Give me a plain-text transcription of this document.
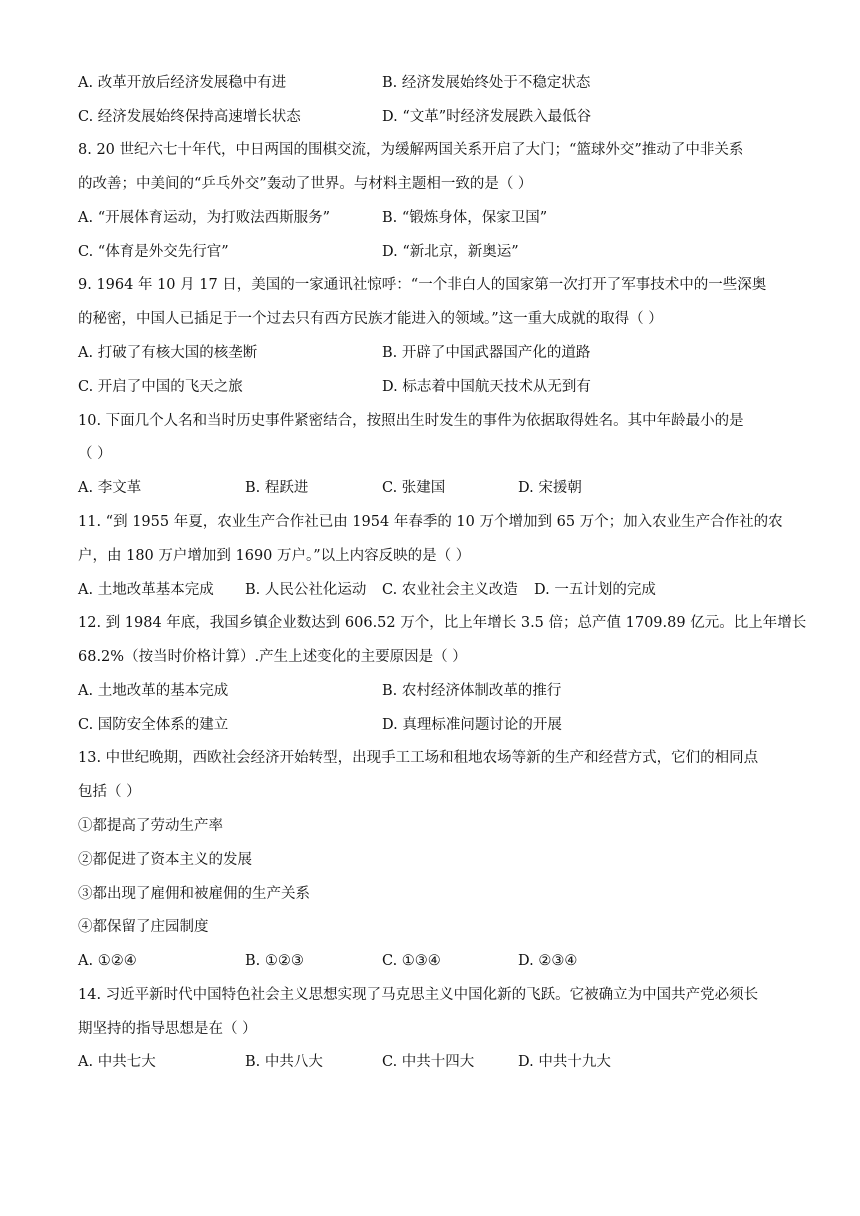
A. 改革开放后经济发展稳中有进	B. 经济发展始终处于不稳定状态
C. 经济发展始终保持高速增长状态	D. “文革”时经济发展跌入最低谷
8. 20 世纪六七十年代，中日两国的围棋交流，为缓解两国关系开启了大门；“篮球外交”推动了中非关系
的改善；中美间的“乒乓外交”轰动了世界。与材料主题相一致的是（ ）
A. “开展体育运动，为打败法西斯服务”	B. “锻炼身体，保家卫国”
C. “体育是外交先行官”	D. “新北京，新奥运”
9. 1964 年 10 月 17 日，美国的一家通讯社惊呼：“一个非白人的国家第一次打开了军事技术中的一些深奥
的秘密，中国人已插足于一个过去只有西方民族才能进入的领域。”这一重大成就的取得（ ）
A. 打破了有核大国的核垄断	B. 开辟了中国武器国产化的道路
C. 开启了中国的飞天之旅	D. 标志着中国航天技术从无到有
10. 下面几个人名和当时历史事件紧密结合，按照出生时发生的事件为依据取得姓名。其中年龄最小的是
（ ）
A. 李文革	B. 程跃进	C. 张建国	D. 宋援朝
11. “到 1955 年夏，农业生产合作社已由 1954 年春季的 10 万个增加到 65 万个；加入农业生产合作社的农
户，由 180 万户增加到 1690 万户。”以上内容反映的是（ ）
A. 土地改革基本完成 B. 人民公社化运动 C. 农业社会主义改造 D. 一五计划的完成
12. 到 1984 年底，我国乡镇企业数达到 606.52 万个，比上年增长 3.5 倍；总产值 1709.89 亿元。比上年增长
68.2%（按当时价格计算）.产生上述变化的主要原因是（ ）
A. 土地改革的基本完成	B. 农村经济体制改革的推行
C. 国防安全体系的建立	D. 真理标准问题讨论的开展
13. 中世纪晚期，西欧社会经济开始转型，出现手工工场和租地农场等新的生产和经营方式，它们的相同点
包括（ ）
①都提高了劳动生产率
②都促进了资本主义的发展
③都出现了雇佣和被雇佣的生产关系
④都保留了庄园制度
A. ①②④	B. ①②③	C. ①③④	D. ②③④
14. 习近平新时代中国特色社会主义思想实现了马克思主义中国化新的飞跃。它被确立为中国共产党必须长
期坚持的指导思想是在（ ）
A. 中共七大	B. 中共八大	C. 中共十四大	D. 中共十九大
